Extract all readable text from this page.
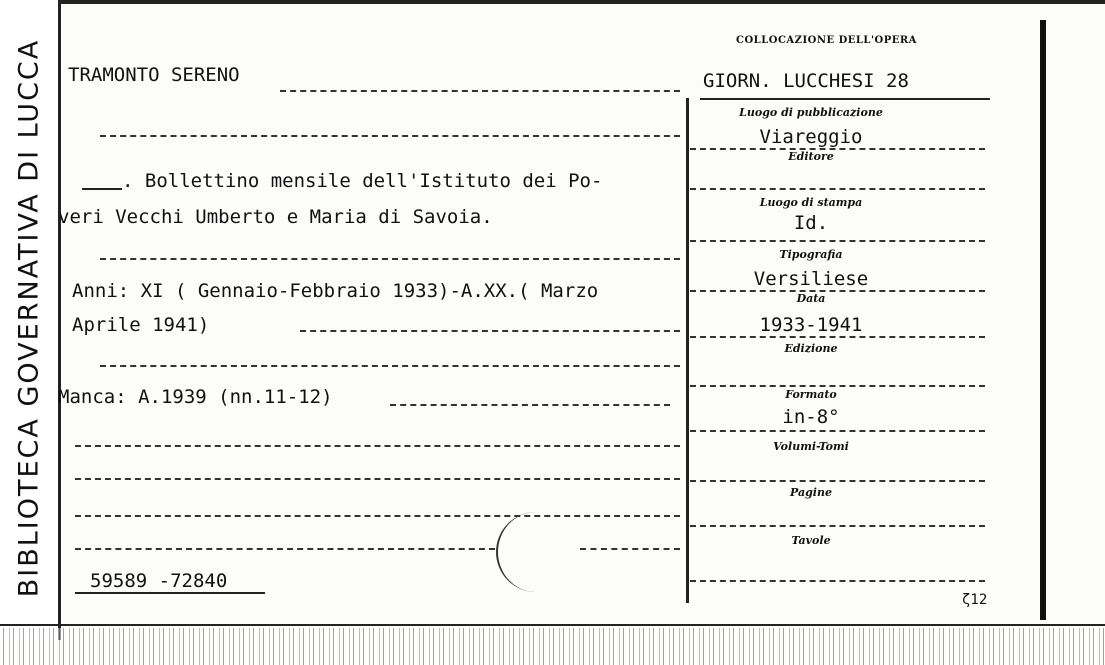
BIBLIOTECA GOVERNATIVA DI LUCCA	COLLOCAZIONE DELL'OPERA
GIORN. LUCCHESI 28
TRAMONTO SERENO
. Bollettino mensile dell'Istituto dei Po-
veri Vecchi Umberto e Maria di Savoia.
Anni: XI ( Gennaio-Febbraio 1933)-A.XX.( Marzo
Aprile 1941)
Manca: A.1939 (nn.11-12)
59589 -72840
Luogo di pubblicazione
Viareggio
Editore
Luogo di stampa
Id.
Tipografia
Versiliese
Data
1933-1941
Edizione
Formato
in-8°
Volumi-Tomi
Pagine
Tavole
ζ12
